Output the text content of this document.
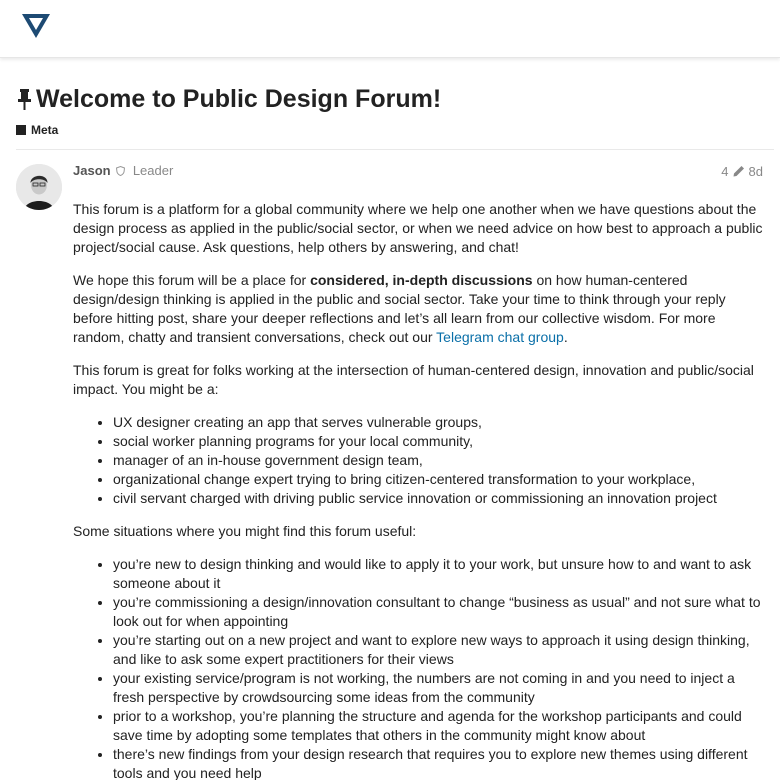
Welcome to Public Design Forum!
Meta
Jason Leader	4 8d

This forum is a platform for a global community where we help one another when we have questions about the design process as applied in the public/social sector, or when we need advice on how best to approach a public project/social cause. Ask questions, help others by answering, and chat!

We hope this forum will be a place for considered, in-depth discussions on how human-centered design/design thinking is applied in the public and social sector. Take your time to think through your reply before hitting post, share your deeper reflections and let’s all learn from our collective wisdom. For more random, chatty and transient conversations, check out our Telegram chat group.

This forum is great for folks working at the intersection of human-centered design, innovation and public/social impact. You might be a:

• UX designer creating an app that serves vulnerable groups,
• social worker planning programs for your local community,
• manager of an in-house government design team,
• organizational change expert trying to bring citizen-centered transformation to your workplace,
• civil servant charged with driving public service innovation or commissioning an innovation project

Some situations where you might find this forum useful:

• you’re new to design thinking and would like to apply it to your work, but unsure how to and want to ask someone about it
• you’re commissioning a design/innovation consultant to change “business as usual” and not sure what to look out for when appointing
• you’re starting out on a new project and want to explore new ways to approach it using design thinking, and like to ask some expert practitioners for their views
• your existing service/program is not working, the numbers are not coming in and you need to inject a fresh perspective by crowdsourcing some ideas from the community
• prior to a workshop, you’re planning the structure and agenda for the workshop participants and could save time by adopting some templates that others in the community might know about
• there’s new findings from your design research that requires you to explore new themes using different tools and you need help
